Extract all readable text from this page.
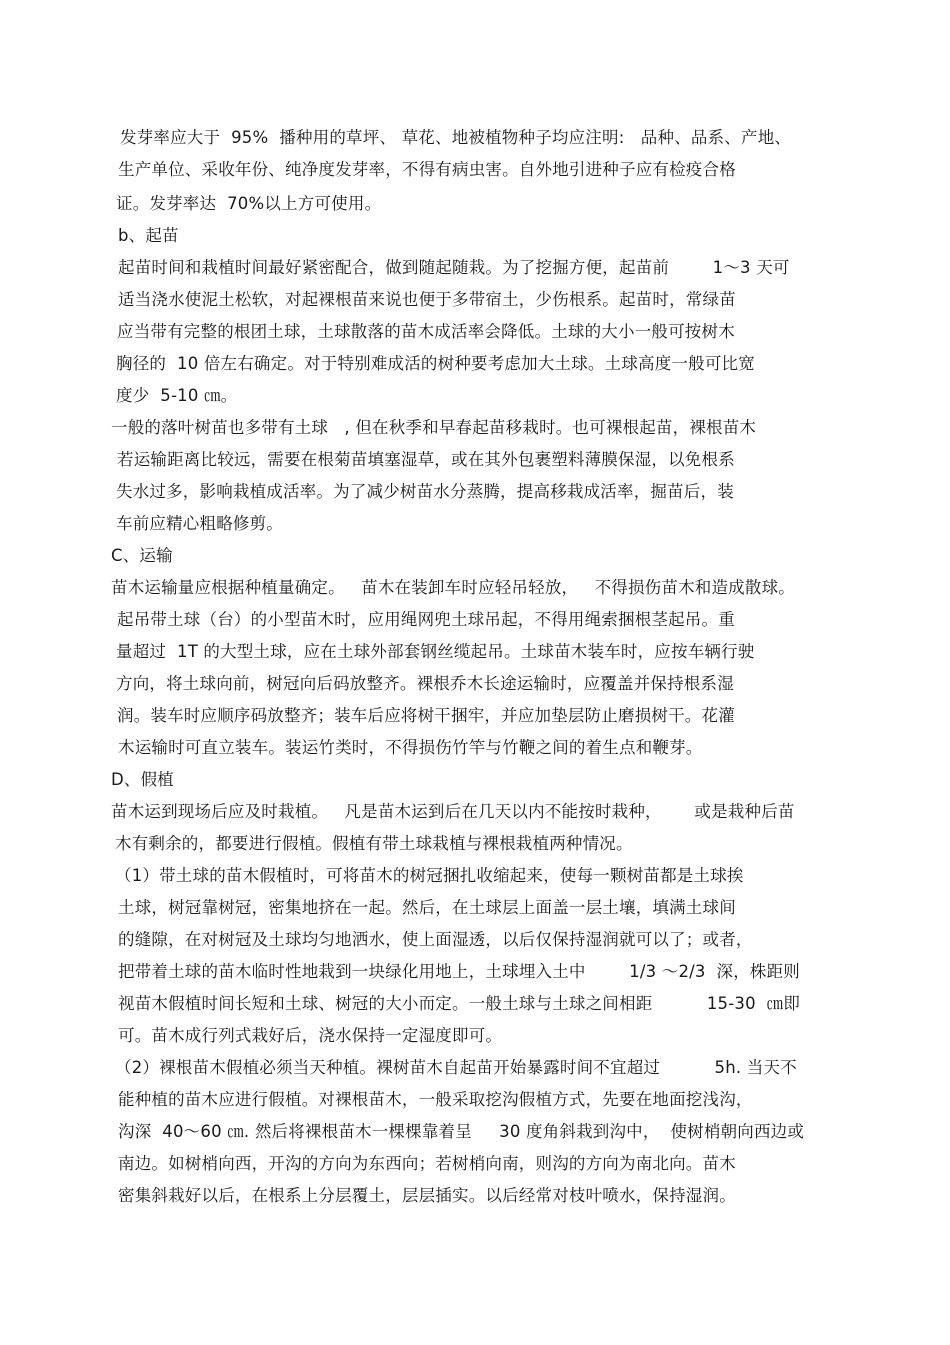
发芽率应大于  95%  播种用的草坪、 草花、地被植物种子均应注明:   品种、品系、产地、
生产单位、采收年份、纯净度发芽率，不得有病虫害。自外地引进种子应有检疫合格
证。发芽率达  70%以上方可使用。
b、起苗
起苗时间和栽植时间最好紧密配合，做到随起随栽。为了挖掘方便，起苗前        1～3 天可
适当浇水使泥土松软，对起裸根苗来说也便于多带宿土，少伤根系。起苗时，常绿苗
应当带有完整的根团土球，土球散落的苗木成活率会降低。土球的大小一般可按树木
胸径的  10 倍左右确定。对于特别难成活的树种要考虑加大土球。土球高度一般可比宽
度少  5-10 ㎝。
一般的落叶树苗也多带有土球   , 但在秋季和早春起苗移栽时。也可裸根起苗，裸根苗木
若运输距离比较远，需要在根菊苗填塞湿草，或在其外包裹塑料薄膜保湿，以免根系
失水过多，影响栽植成活率。为了减少树苗水分蒸腾，提高移栽成活率，掘苗后，装
车前应精心粗略修剪。
C、运输
苗木运输量应根据种植量确定。   苗木在装卸车时应轻吊轻放，   不得损伤苗木和造成散球。
起吊带土球（台）的小型苗木时，应用绳网兜土球吊起，不得用绳索捆根茎起吊。重
量超过  1T 的大型土球，应在土球外部套钢丝缆起吊。土球苗木装车时，应按车辆行驶
方向，将土球向前，树冠向后码放整齐。裸根乔木长途运输时，应覆盖并保持根系湿
润。装车时应顺序码放整齐；装车后应将树干捆牢，并应加垫层防止磨损树干。花灌
木运输时可直立装车。装运竹类时，不得损伤竹竿与竹鞭之间的着生点和鞭芽。
D、假植
苗木运到现场后应及时栽植。   凡是苗木运到后在几天以内不能按时栽种，      或是栽种后苗
木有剩余的，都要进行假植。假植有带土球栽植与裸根栽植两种情况。
（1）带土球的苗木假植时，可将苗木的树冠捆扎收缩起来，使每一颗树苗都是土球挨
土球，树冠靠树冠，密集地挤在一起。然后，在土球层上面盖一层土壤，填满土球间
的缝隙，在对树冠及土球均匀地洒水，使上面湿透，以后仅保持湿润就可以了；或者，
把带着土球的苗木临时性地栽到一块绿化用地上，土球埋入土中        1/3 ～2/3  深，株距则
视苗木假植时间长短和土球、树冠的大小而定。一般土球与土球之间相距          15-30  ㎝即
可。苗木成行列式栽好后，浇水保持一定湿度即可。
（2）裸根苗木假植必须当天种植。裸树苗木自起苗开始暴露时间不宜超过          5h. 当天不
能种植的苗木应进行假植。对裸根苗木，一般采取挖沟假植方式，先要在地面挖浅沟，
沟深  40～60 ㎝. 然后将裸根苗木一棵棵靠着呈     30 度角斜栽到沟中，  使树梢朝向西边或
南边。如树梢向西，开沟的方向为东西向；若树梢向南，则沟的方向为南北向。苗木
密集斜栽好以后，在根系上分层覆土，层层插实。以后经常对枝叶喷水，保持湿润。
